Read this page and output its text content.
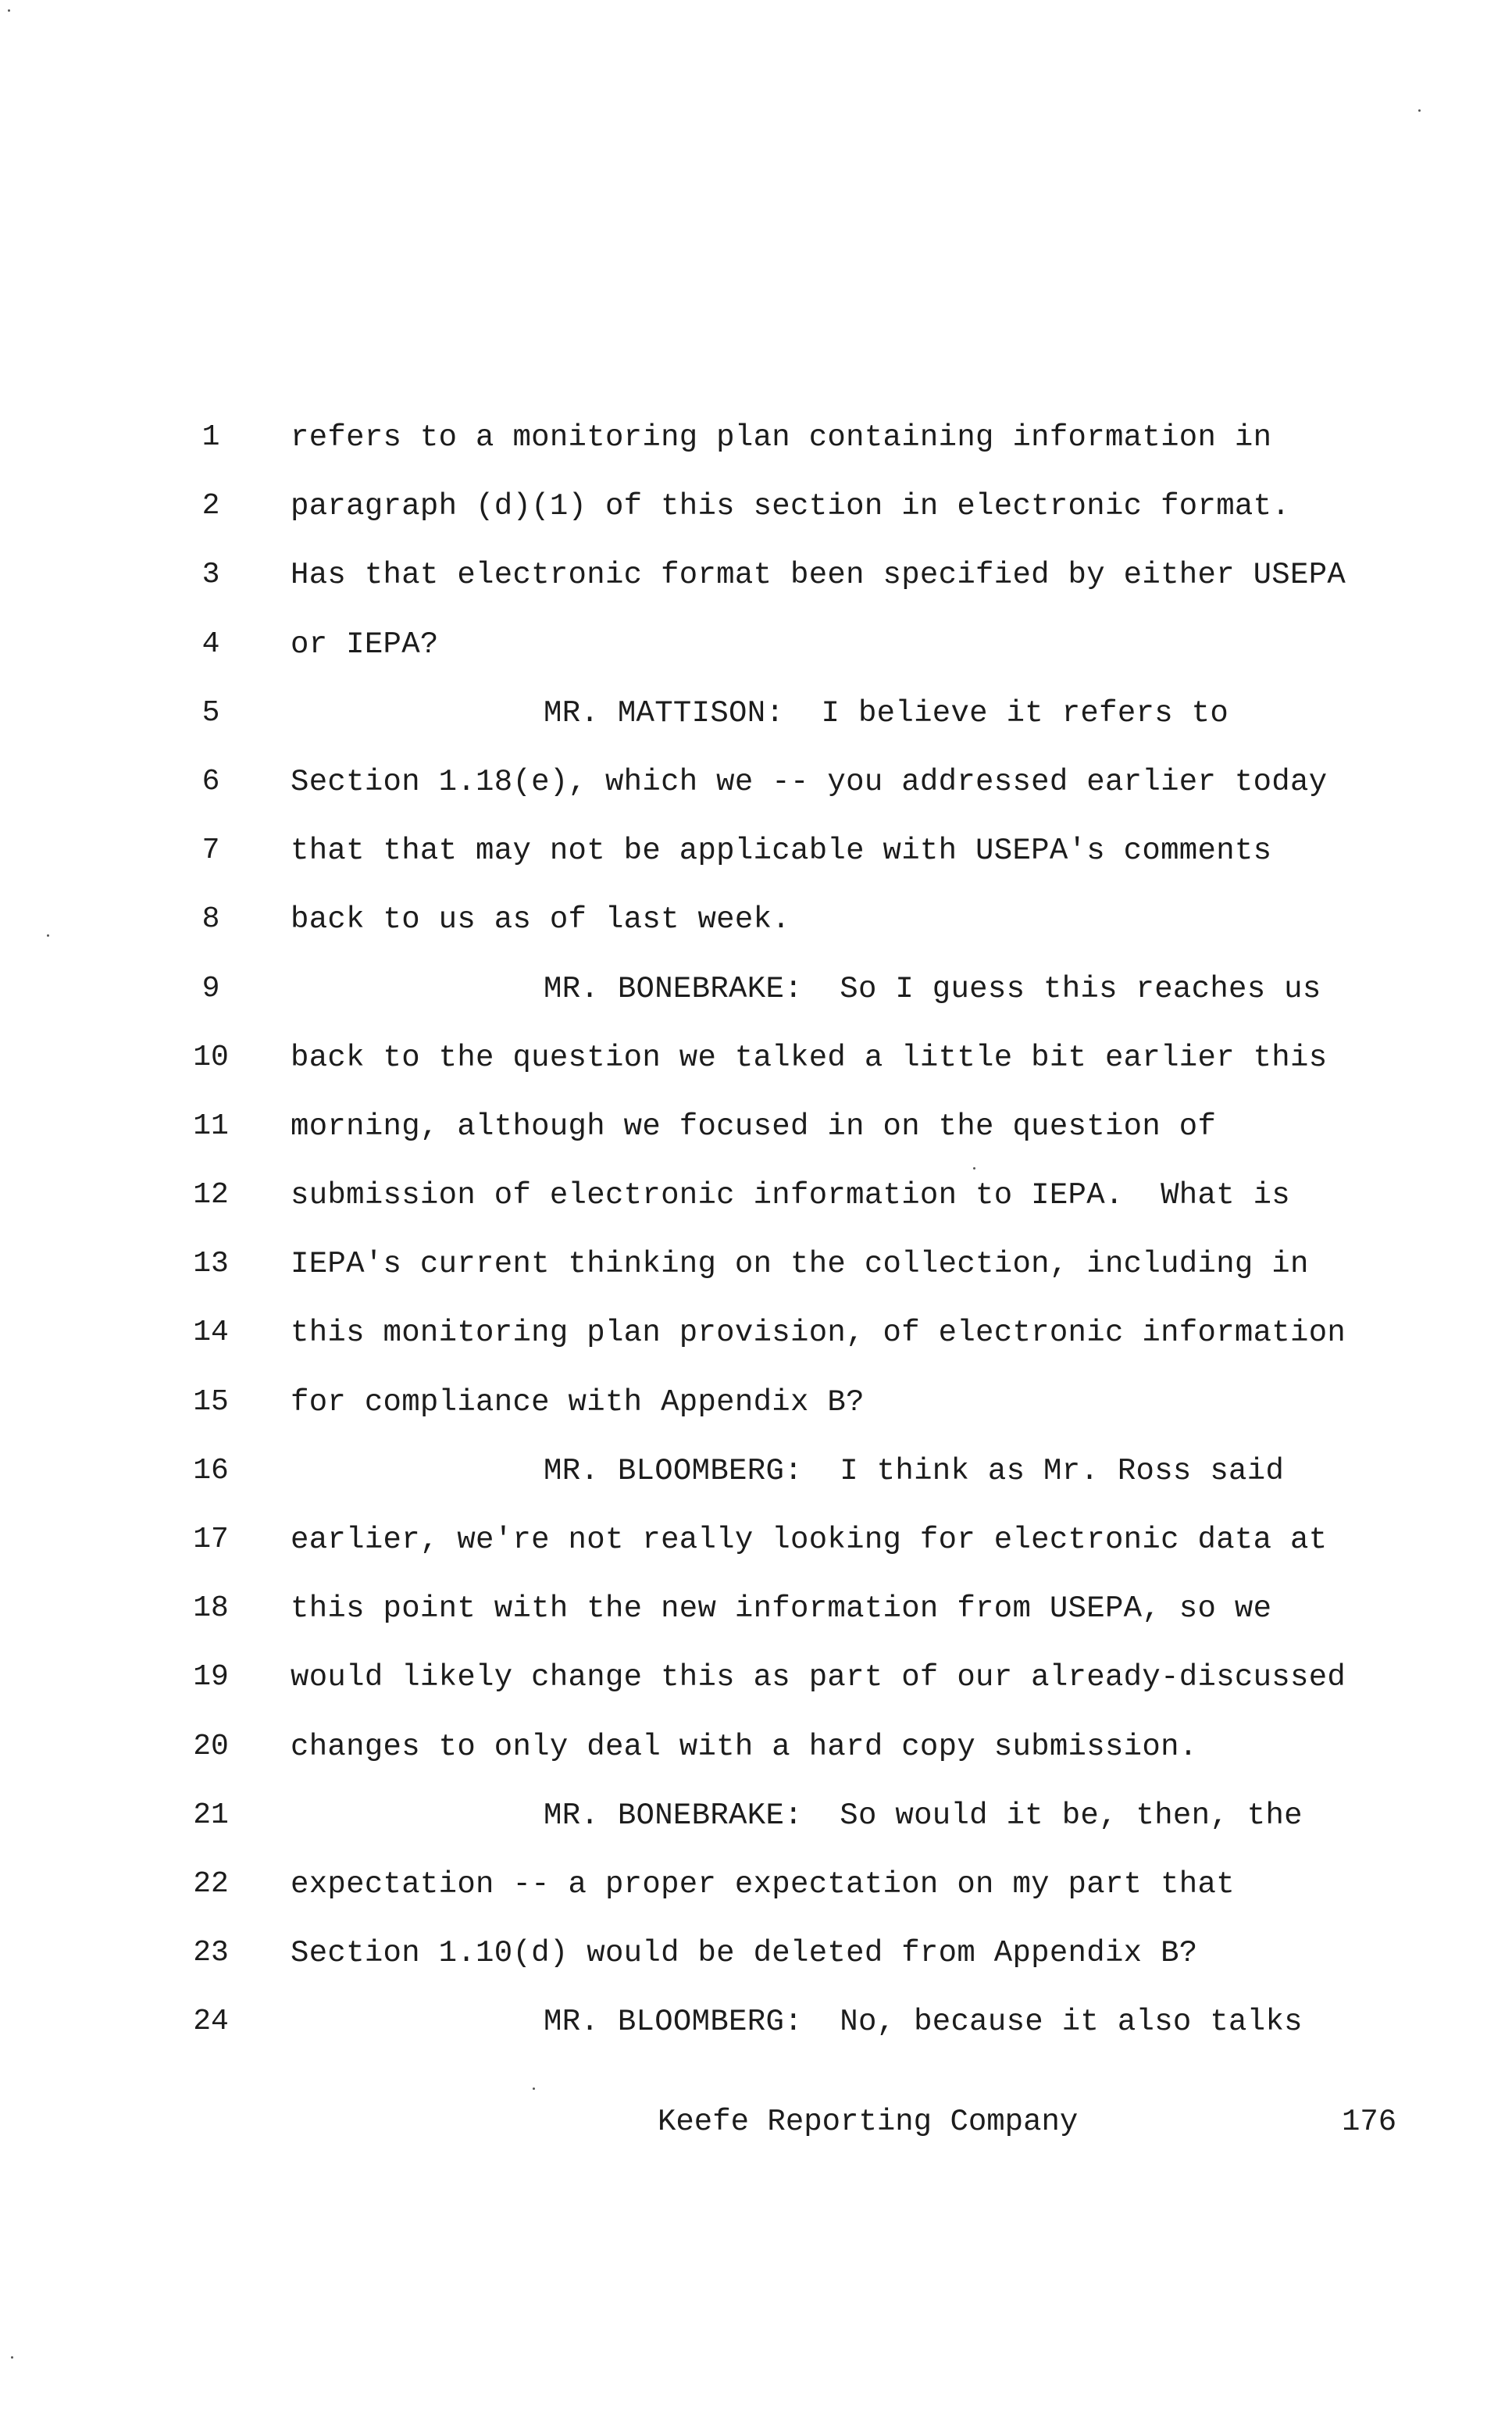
1	refers to a monitoring plan containing information in
2	paragraph (d)(1) of this section in electronic format.
3	Has that electronic format been specified by either USEPA
4	or IEPA?
5	MR. MATTISON:  I believe it refers to
6	Section 1.18(e), which we -- you addressed earlier today
7	that that may not be applicable with USEPA's comments
8	back to us as of last week.
9	MR. BONEBRAKE:  So I guess this reaches us
10 back to the question we talked a little bit earlier this
11 morning, although we focused in on the question of
12 submission of electronic information to IEPA.  What is
13 IEPA's current thinking on the collection, including in
14 this monitoring plan provision, of electronic information
15 for compliance with Appendix B?
16	MR. BLOOMBERG:  I think as Mr. Ross said
17 earlier, we're not really looking for electronic data at
18 this point with the new information from USEPA, so we
19 would likely change this as part of our already-discussed
20 changes to only deal with a hard copy submission.
21	MR. BONEBRAKE:  So would it be, then, the
22 expectation -- a proper expectation on my part that
23 Section 1.10(d) would be deleted from Appendix B?
24	MR. BLOOMBERG:  No, because it also talks
Keefe Reporting Company	176
